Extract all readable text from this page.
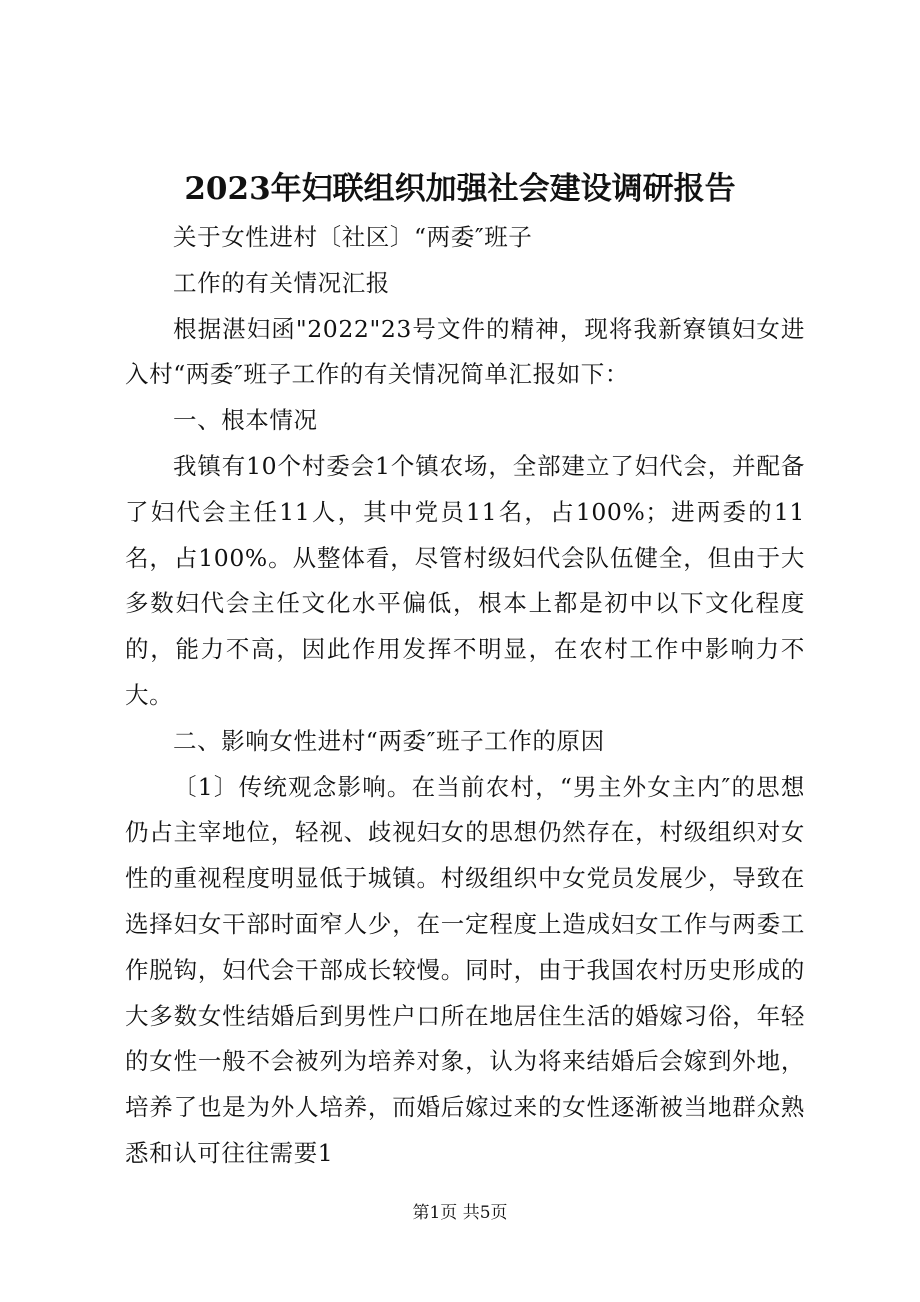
2023年妇联组织加强社会建设调研报告

关于女性进村〔社区〕“两委″班子

工作的有关情况汇报

根据湛妇函"2022"23号文件的精神，现将我新寮镇妇女进入村“两委″班子工作的有关情况简单汇报如下：

一、根本情况

我镇有10个村委会1个镇农场，全部建立了妇代会，并配备了妇代会主任11人，其中党员11名，占100%；进两委的11名，占100%。从整体看，尽管村级妇代会队伍健全，但由于大多数妇代会主任文化水平偏低，根本上都是初中以下文化程度的，能力不高，因此作用发挥不明显，在农村工作中影响力不大。

二、影响女性进村“两委″班子工作的原因

〔1〕传统观念影响。在当前农村，“男主外女主内″的思想仍占主宰地位，轻视、歧视妇女的思想仍然存在，村级组织对女性的重视程度明显低于城镇。村级组织中女党员发展少，导致在选择妇女干部时面窄人少，在一定程度上造成妇女工作与两委工作脱钩，妇代会干部成长较慢。同时，由于我国农村历史形成的大多数女性结婚后到男性户口所在地居住生活的婚嫁习俗，年轻的女性一般不会被列为培养对象，认为将来结婚后会嫁到外地，培养了也是为外人培养，而婚后嫁过来的女性逐渐被当地群众熟悉和认可往往需要1

第1页 共5页
